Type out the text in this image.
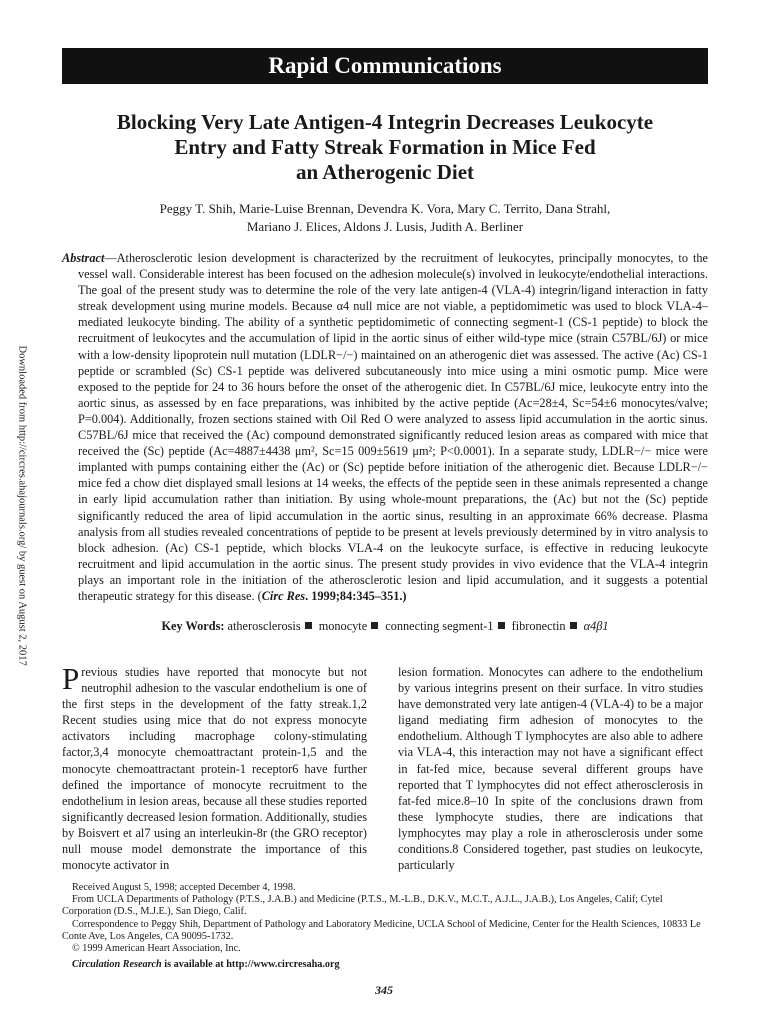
Rapid Communications
Blocking Very Late Antigen-4 Integrin Decreases Leukocyte
Entry and Fatty Streak Formation in Mice Fed
an Atherogenic Diet
Peggy T. Shih, Marie-Luise Brennan, Devendra K. Vora, Mary C. Territo, Dana Strahl,
Mariano J. Elices, Aldons J. Lusis, Judith A. Berliner
Abstract—Atherosclerotic lesion development is characterized by the recruitment of leukocytes, principally monocytes, to the vessel wall. Considerable interest has been focused on the adhesion molecule(s) involved in leukocyte/endothelial interactions. The goal of the present study was to determine the role of the very late antigen-4 (VLA-4) integrin/ligand interaction in fatty streak development using murine models. Because α4 null mice are not viable, a peptidomimetic was used to block VLA-4–mediated leukocyte binding. The ability of a synthetic peptidomimetic of connecting segment-1 (CS-1 peptide) to block the recruitment of leukocytes and the accumulation of lipid in the aortic sinus of either wild-type mice (strain C57BL/6J) or mice with a low-density lipoprotein null mutation (LDLR−/−) maintained on an atherogenic diet was assessed. The active (Ac) CS-1 peptide or scrambled (Sc) CS-1 peptide was delivered subcutaneously into mice using a mini osmotic pump. Mice were exposed to the peptide for 24 to 36 hours before the onset of the atherogenic diet. In C57BL/6J mice, leukocyte entry into the aortic sinus, as assessed by en face preparations, was inhibited by the active peptide (Ac=28±4, Sc=54±6 monocytes/valve; P=0.004). Additionally, frozen sections stained with Oil Red O were analyzed to assess lipid accumulation in the aortic sinus. C57BL/6J mice that received the (Ac) compound demonstrated significantly reduced lesion areas as compared with mice that received the (Sc) peptide (Ac=4887±4438 μm², Sc=15 009±5619 μm²; P<0.0001). In a separate study, LDLR−/− mice were implanted with pumps containing either the (Ac) or (Sc) peptide before initiation of the atherogenic diet. Because LDLR−/− mice fed a chow diet displayed small lesions at 14 weeks, the effects of the peptide seen in these animals represented a change in early lipid accumulation rather than initiation. By using whole-mount preparations, the (Ac) but not the (Sc) peptide significantly reduced the area of lipid accumulation in the aortic sinus, resulting in an approximate 66% decrease. Plasma analysis from all studies revealed concentrations of peptide to be present at levels previously determined by in vitro analysis to block adhesion. (Ac) CS-1 peptide, which blocks VLA-4 on the leukocyte surface, is effective in reducing leukocyte recruitment and lipid accumulation in the aortic sinus. The present study provides in vivo evidence that the VLA-4 integrin plays an important role in the initiation of the atherosclerotic lesion and lipid accumulation, and it suggests a potential therapeutic strategy for this disease. (Circ Res. 1999;84:345–351.)
Key Words: atherosclerosis monocyte connecting segment-1 fibronectin α4β1
Downloaded from http://circres.ahajournals.org/ by guest on August 2, 2017
Previous studies have reported that monocyte but not neutrophil adhesion to the vascular endothelium is one of the first steps in the development of the fatty streak.1,2 Recent studies using mice that do not express monocyte activators including macrophage colony-stimulating factor,3,4 monocyte chemoattractant protein-1,5 and the monocyte chemoattractant protein-1 receptor6 have further defined the importance of monocyte recruitment to the endothelium in lesion areas, because all these studies reported significantly decreased lesion formation. Additionally, studies by Boisvert et al7 using an interleukin-8r (the GRO receptor) null mouse model demonstrate the importance of this monocyte activator in
lesion formation. Monocytes can adhere to the endothelium by various integrins present on their surface. In vitro studies have demonstrated very late antigen-4 (VLA-4) to be a major ligand mediating firm adhesion of monocytes to the endothelium. Although T lymphocytes are also able to adhere via VLA-4, this interaction may not have a significant effect in fat-fed mice, because several different groups have reported that T lymphocytes did not effect atherosclerosis in fat-fed mice.8–10 In spite of the conclusions drawn from these lymphocyte studies, there are indications that lymphocytes may play a role in atherosclerosis under some conditions.8 Considered together, past studies on leukocyte, particularly

Received August 5, 1998; accepted December 4, 1998.

From UCLA Departments of Pathology (P.T.S., J.A.B.) and Medicine (P.T.S., M.-L.B., D.K.V., M.C.T., A.J.L., J.A.B.), Los Angeles, Calif; Cytel Corporation (D.S., M.J.E.), San Diego, Calif.

Correspondence to Peggy Shih, Department of Pathology and Laboratory Medicine, UCLA School of Medicine, Center for the Health Sciences, 10833 Le Conte Ave, Los Angeles, CA 90095-1732.

© 1999 American Heart Association, Inc.

Circulation Research is available at http://www.circresaha.org

345
